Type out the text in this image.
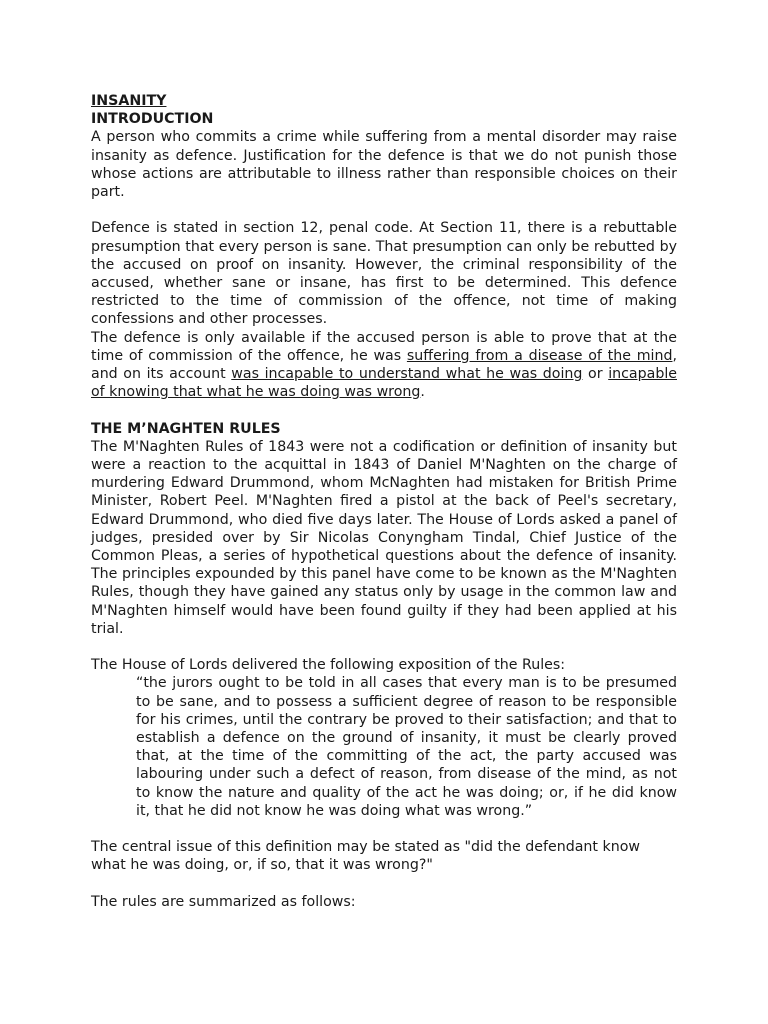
INSANITY
INTRODUCTION

A person who commits a crime while suffering from a mental disorder may raise insanity as defence. Justification for the defence is that we do not punish those whose actions are attributable to illness rather than responsible choices on their part.

Defence is stated in section 12, penal code. At Section 11, there is a rebuttable presumption that every person is sane. That presumption can only be rebutted by the accused on proof on insanity. However, the criminal responsibility of the accused, whether sane or insane, has first to be determined. This defence restricted to the time of commission of the offence, not time of making confessions and other processes.

The defence is only available if the accused person is able to prove that at the time of commission of the offence, he was suffering from a disease of the mind, and on its account was incapable to understand what he was doing or incapable of knowing that what he was doing was wrong.

THE M’NAGHTEN RULES

The M'Naghten Rules of 1843 were not a codification or definition of insanity but were a reaction to the acquittal in 1843 of Daniel M'Naghten on the charge of murdering Edward Drummond, whom McNaghten had mistaken for British Prime Minister, Robert Peel. M'Naghten fired a pistol at the back of Peel's secretary, Edward Drummond, who died five days later. The House of Lords asked a panel of judges, presided over by Sir Nicolas Conyngham Tindal, Chief Justice of the Common Pleas, a series of hypothetical questions about the defence of insanity. The principles expounded by this panel have come to be known as the M'Naghten Rules, though they have gained any status only by usage in the common law and M'Naghten himself would have been found guilty if they had been applied at his trial.

The House of Lords delivered the following exposition of the Rules:

“the jurors ought to be told in all cases that every man is to be presumed to be sane, and to possess a sufficient degree of reason to be responsible for his crimes, until the contrary be proved to their satisfaction; and that to establish a defence on the ground of insanity, it must be clearly proved that, at the time of the committing of the act, the party accused was labouring under such a defect of reason, from disease of the mind, as not to know the nature and quality of the act he was doing; or, if he did know it, that he did not know he was doing what was wrong.”

The central issue of this definition may be stated as "did the defendant know what he was doing, or, if so, that it was wrong?"

The rules are summarized as follows:
